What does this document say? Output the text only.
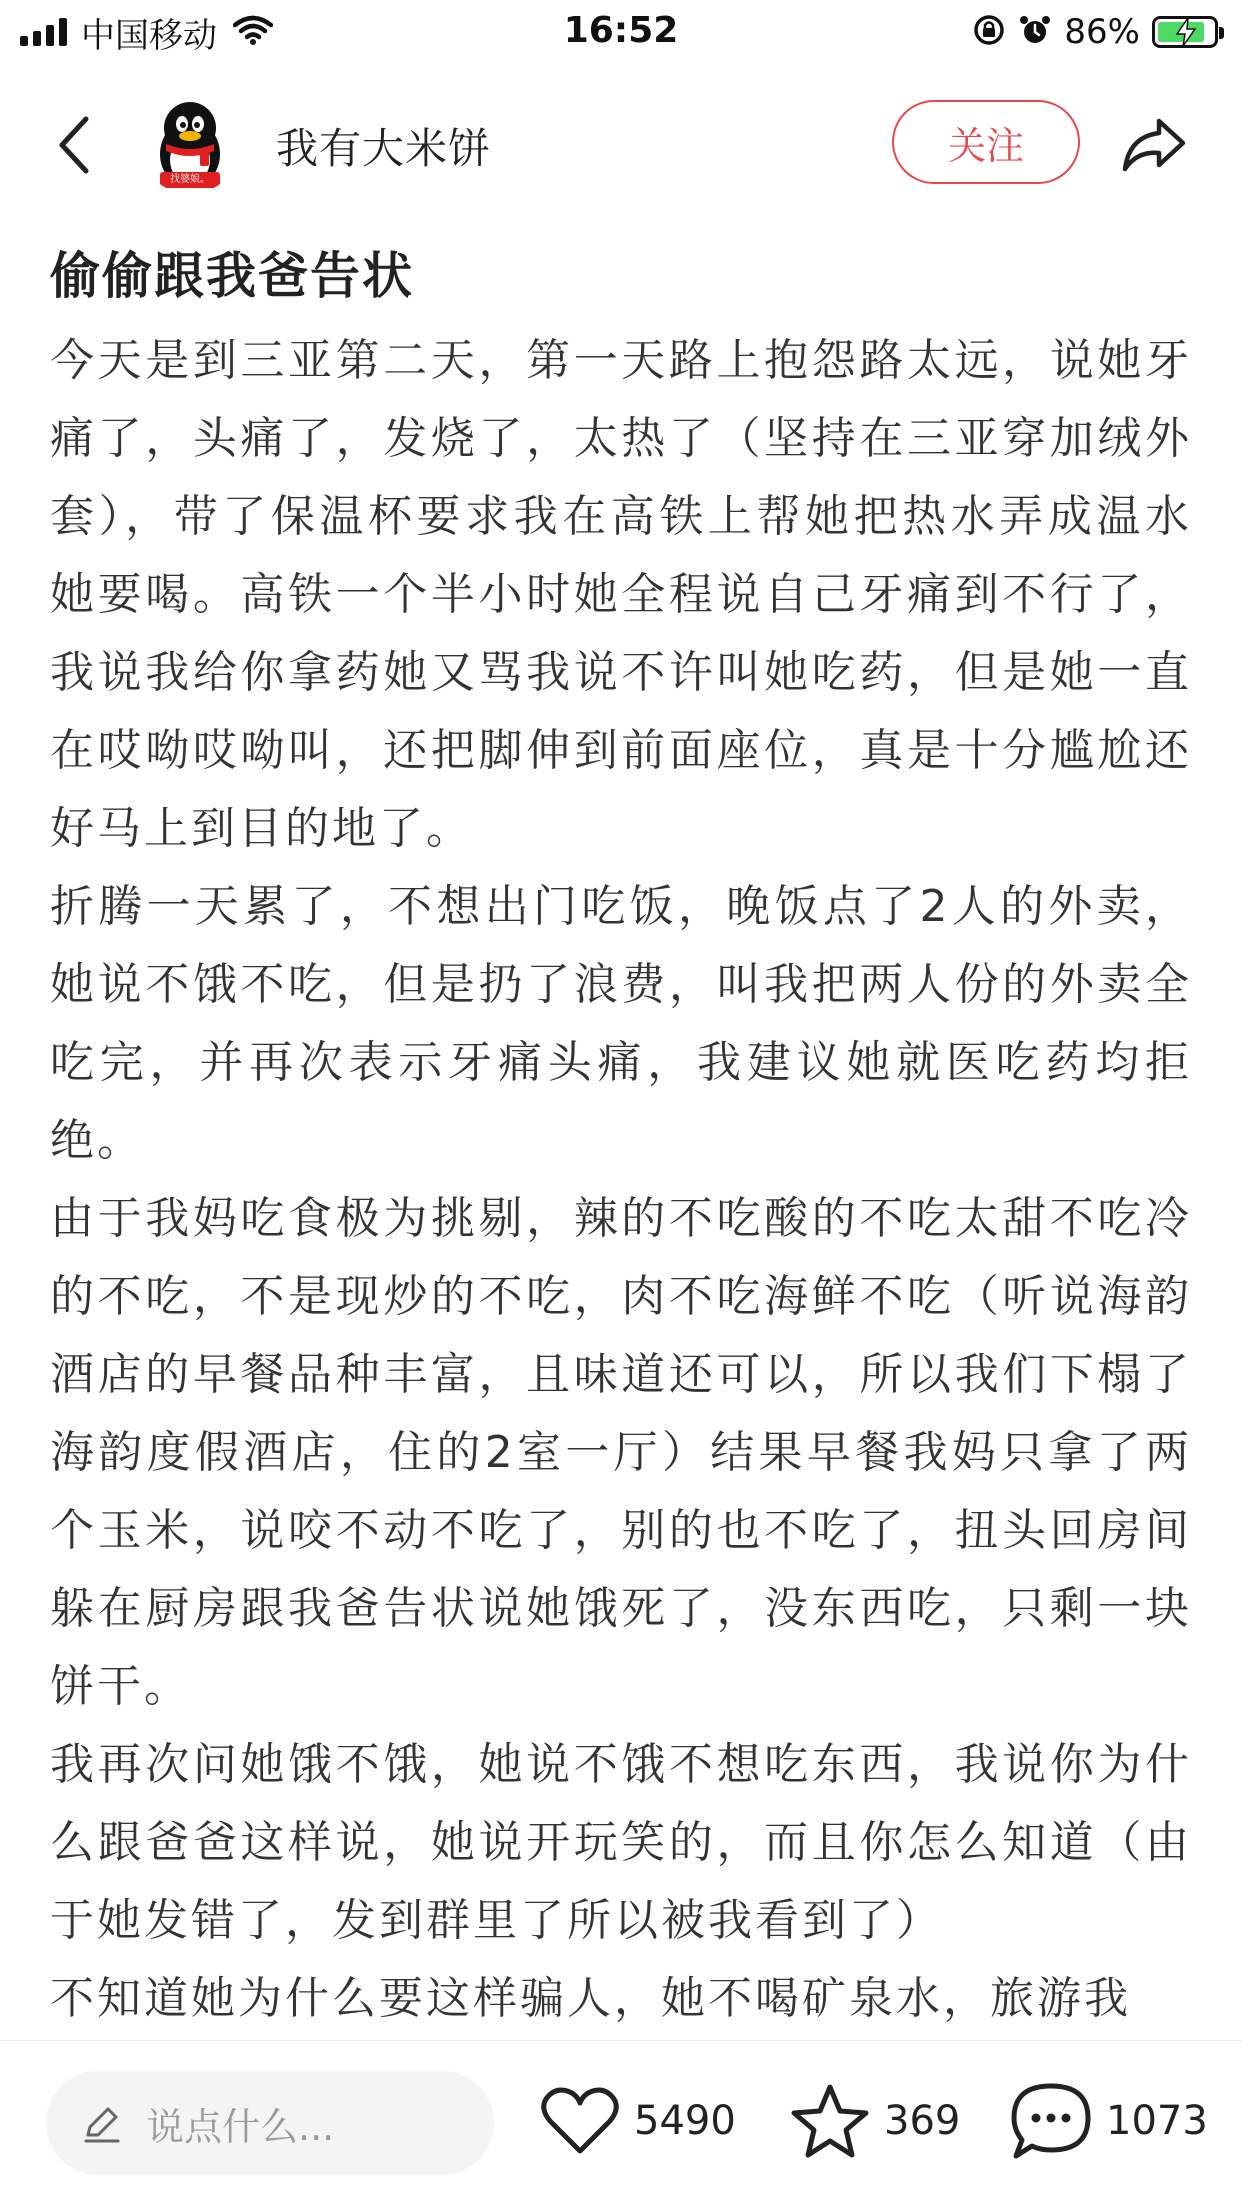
中国移动	16:52	86%
找婆娘。
我有大米饼	关注
偷偷跟我爸告状

今天是到三亚第二天，第一天路上抱怨路太远，说她牙痛了，头痛了，发烧了，太热了（坚持在三亚穿加绒外套），带了保温杯要求我在高铁上帮她把热水弄成温水她要喝。高铁一个半小时她全程说自己牙痛到不行了，我说我给你拿药她又骂我说不许叫她吃药，但是她一直在哎呦哎呦叫，还把脚伸到前面座位，真是十分尴尬还好马上到目的地了。

折腾一天累了，不想出门吃饭，晚饭点了2人的外卖，她说不饿不吃，但是扔了浪费，叫我把两人份的外卖全吃完，并再次表示牙痛头痛，我建议她就医吃药均拒绝。

由于我妈吃食极为挑剔，辣的不吃酸的不吃太甜不吃冷的不吃，不是现炒的不吃，肉不吃海鲜不吃（听说海韵酒店的早餐品种丰富，且味道还可以，所以我们下榻了海韵度假酒店，住的2室一厅）结果早餐我妈只拿了两个玉米，说咬不动不吃了，别的也不吃了，扭头回房间躲在厨房跟我爸告状说她饿死了，没东西吃，只剩一块饼干。

我再次问她饿不饿，她说不饿不想吃东西，我说你为什么跟爸爸这样说，她说开玩笑的，而且你怎么知道（由于她发错了，发到群里了所以被我看到了）

不知道她为什么要这样骗人，她不喝矿泉水，旅游我

说点什么...	5490	369	1073
